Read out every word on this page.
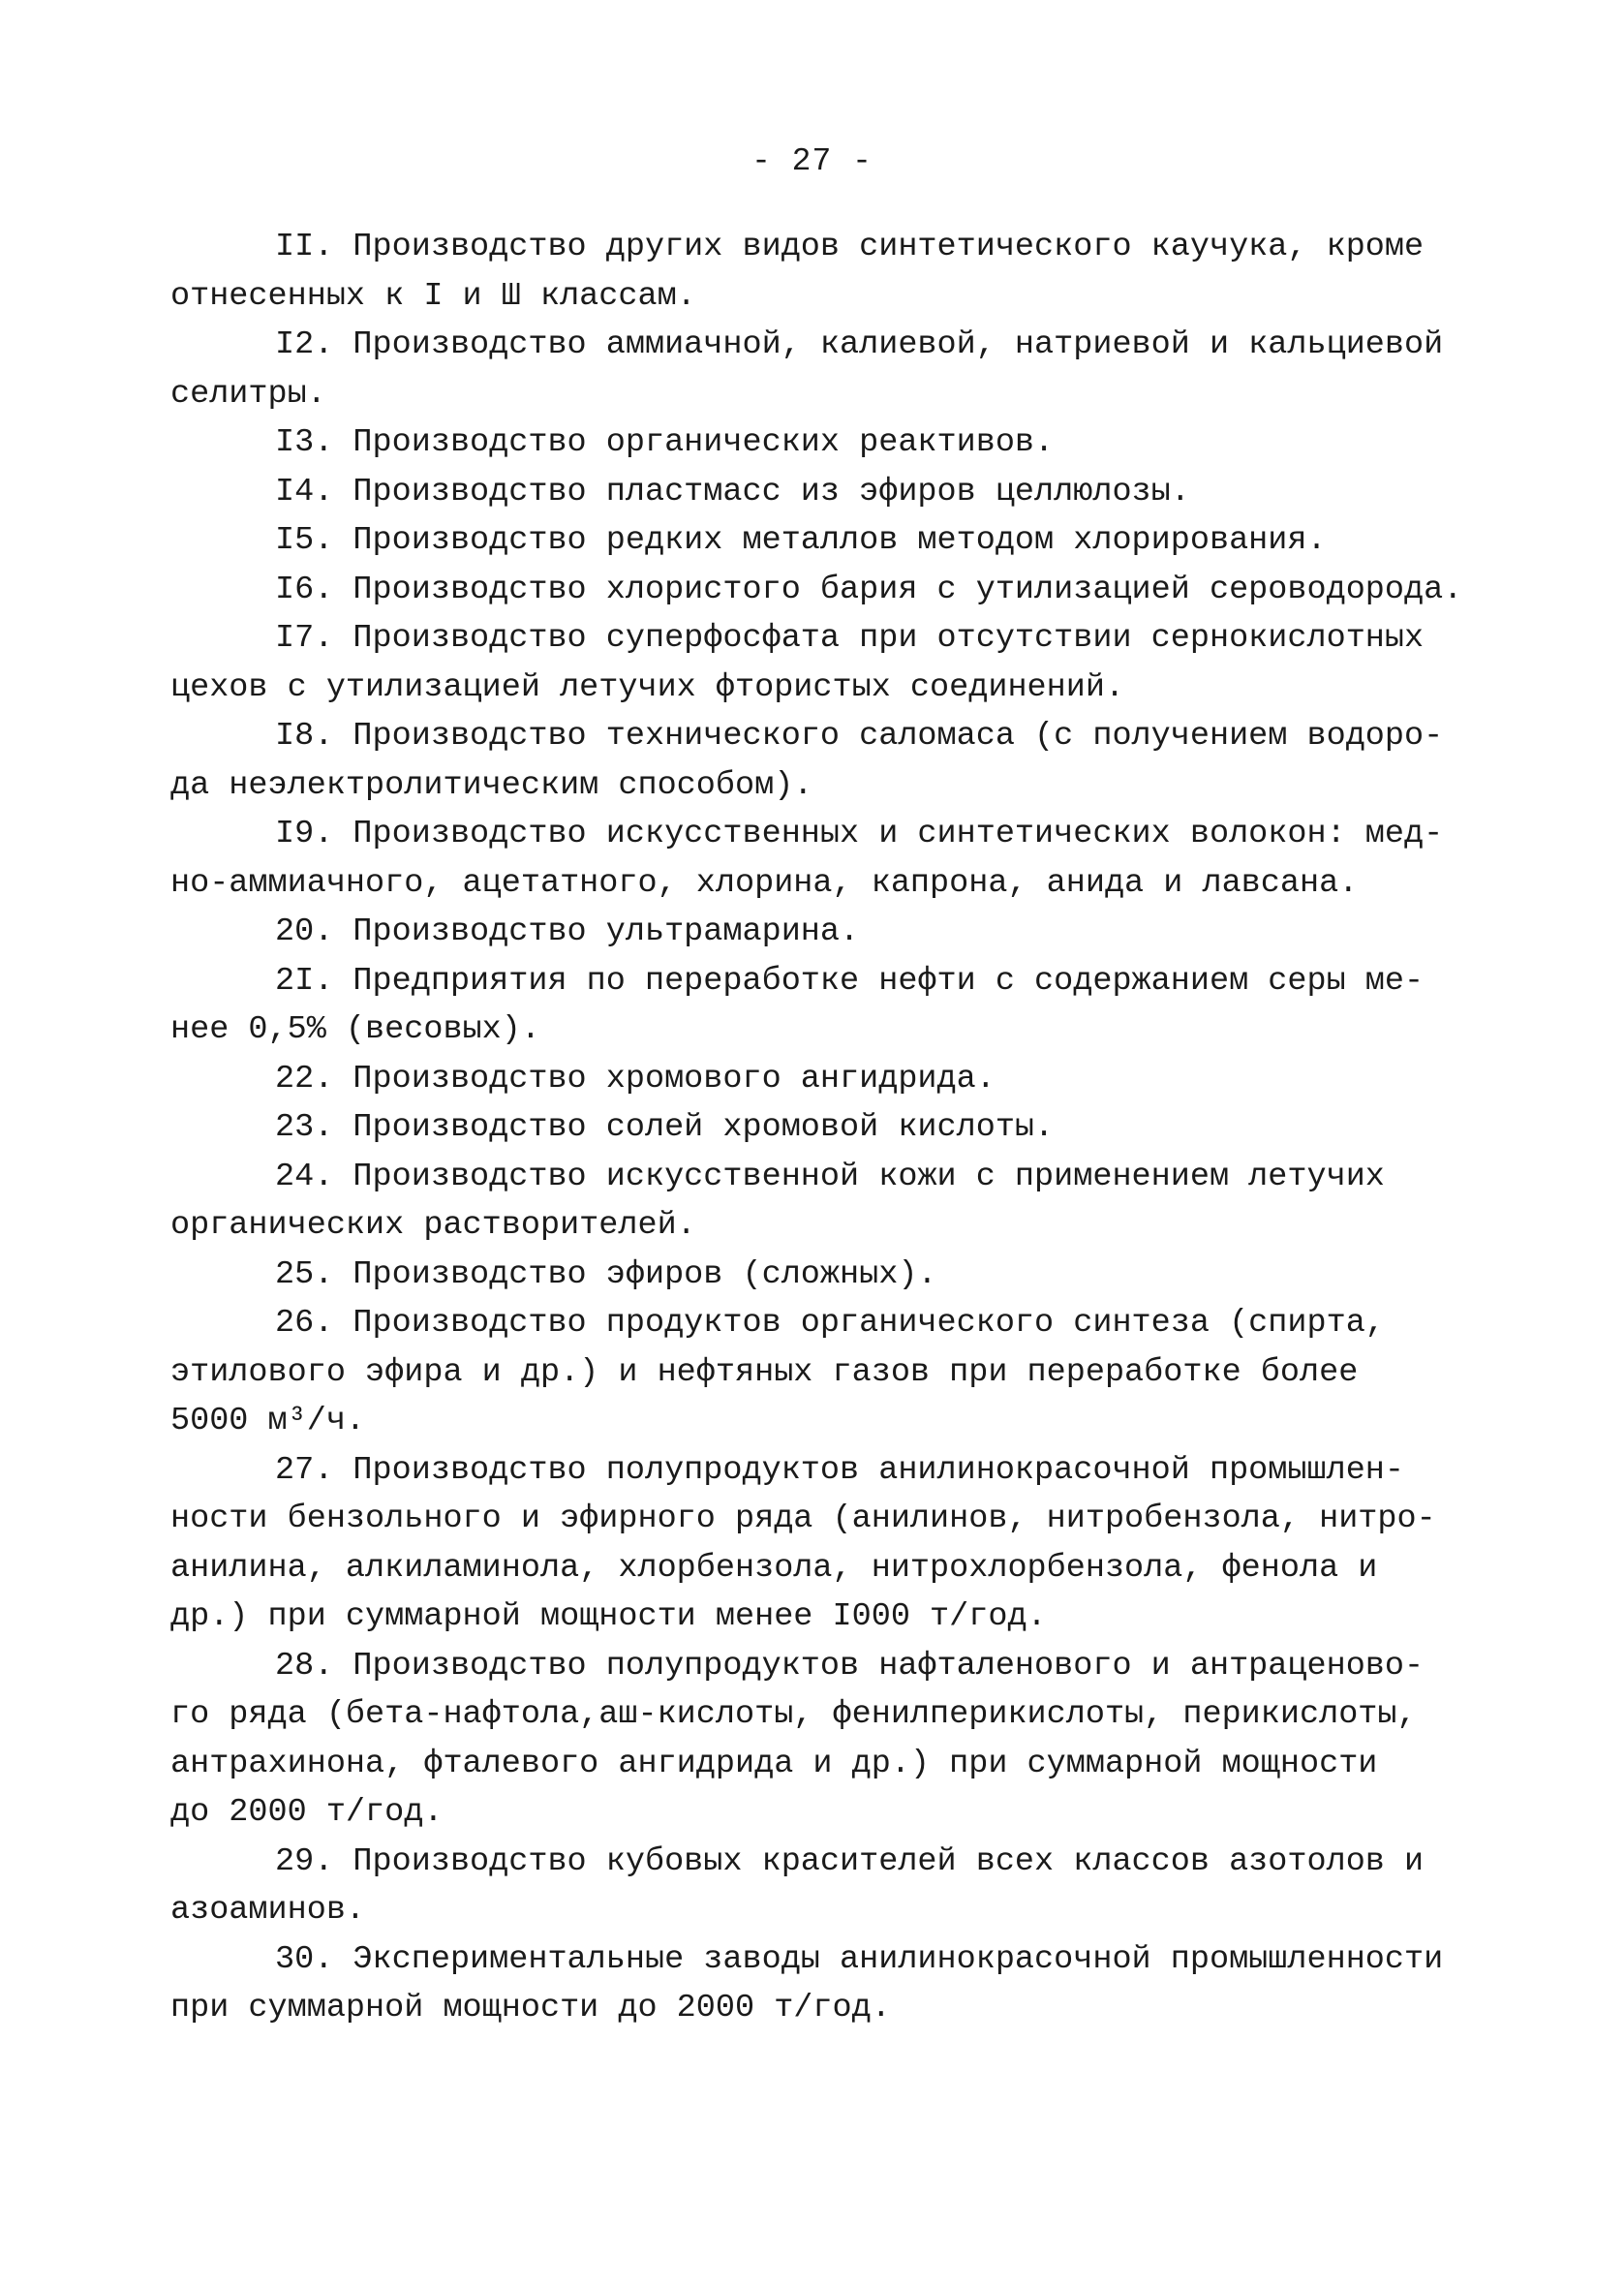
- 27 -

II. Производство других видов синтетического каучука, кроме
отнесенных к I и Ш классам.

I2. Производство аммиачной, калиевой, натриевой и кальциевой
селитры.

I3. Производство органических реактивов.

I4. Производство пластмасс из эфиров целлюлозы.

I5. Производство редких металлов методом хлорирования.

I6. Производство хлористого бария с утилизацией сероводорода.

I7. Производство суперфосфата при отсутствии сернокислотных
цехов с утилизацией летучих фтористых соединений.

I8. Производство технического саломаса (с получением водоро-
да неэлектролитическим способом).

I9. Производство искусственных и синтетических волокон: мед-
но-аммиачного, ацетатного, хлорина, капрона, анида и лавсана.

20. Производство ультрамарина.

2I. Предприятия по переработке нефти с содержанием серы ме-
нее 0,5% (весовых).

22. Производство хромового ангидрида.

23. Производство солей хромовой кислоты.

24. Производство искусственной кожи с применением летучих
органических растворителей.

25. Производство эфиров (сложных).

26. Производство продуктов органического синтеза (спирта,
этилового эфира и др.) и нефтяных газов при переработке более
5000 м³/ч.

27. Производство полупродуктов анилинокрасочной промышлен-
ности бензольного и эфирного ряда (анилинов, нитробензола, нитро-
анилина, алкиламинола, хлорбензола, нитрохлорбензола, фенола и
др.) при суммарной мощности менее I000 т/год.

28. Производство полупродуктов нафталенового и антраценово-
го ряда (бета-нафтола,аш-кислоты, фенилперикислоты, перикислоты,
антрахинона, фталевого ангидрида и др.) при суммарной мощности
до 2000 т/год.

29. Производство кубовых красителей всех классов азотолов и
азоаминов.

30. Экспериментальные заводы анилинокрасочной промышленности
при суммарной мощности до 2000 т/год.
